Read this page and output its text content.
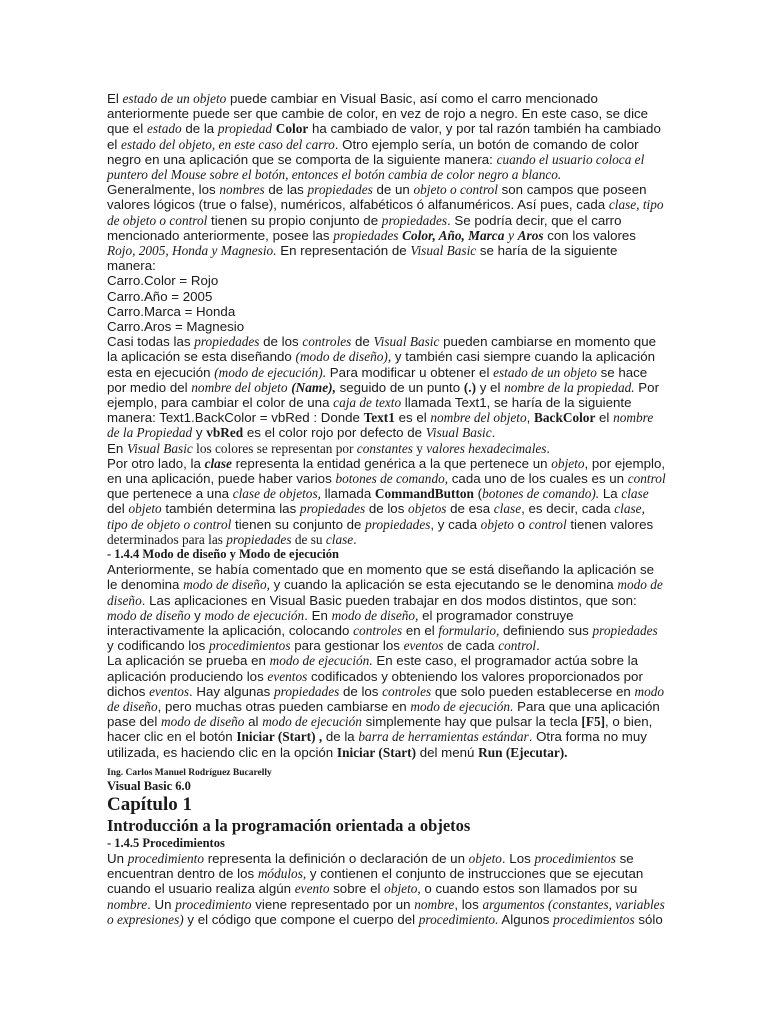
El estado de un objeto puede cambiar en Visual Basic, así como el carro mencionado anteriormente puede ser que cambie de color, en vez de rojo a negro. En este caso, se dice que el estado de la propiedad Color ha cambiado de valor, y por tal razón también ha cambiado el estado del objeto, en este caso del carro. Otro ejemplo sería, un botón de comando de color negro en una aplicación que se comporta de la siguiente manera: cuando el usuario coloca el puntero del Mouse sobre el botón, entonces el botón cambia de color negro a blanco.

Generalmente, los nombres de las propiedades de un objeto o control son campos que poseen valores lógicos (true o false), numéricos, alfabéticos ó alfanuméricos. Así pues, cada clase, tipo de objeto o control tienen su propio conjunto de propiedades. Se podría decir, que el carro mencionado anteriormente, posee las propiedades Color, Año, Marca y Aros con los valores Rojo, 2005, Honda y Magnesio. En representación de Visual Basic se haría de la siguiente manera:

Carro.Color = Rojo

Carro.Año = 2005

Carro.Marca = Honda

Carro.Aros = Magnesio

Casi todas las propiedades de los controles de Visual Basic pueden cambiarse en momento que la aplicación se esta diseñando (modo de diseño), y también casi siempre cuando la aplicación esta en ejecución (modo de ejecución). Para modificar u obtener el estado de un objeto se hace por medio del nombre del objeto (Name), seguido de un punto (.) y el nombre de la propiedad. Por ejemplo, para cambiar el color de una caja de texto llamada Text1, se haría de la siguiente manera: Text1.BackColor = vbRed : Donde Text1 es el nombre del objeto, BackColor el nombre de la Propiedad y vbRed es el color rojo por defecto de Visual Basic.

En Visual Basic los colores se representan por constantes y valores hexadecimales.

Por otro lado, la clase representa la entidad genérica a la que pertenece un objeto, por ejemplo, en una aplicación, puede haber varios botones de comando, cada uno de los cuales es un control que pertenece a una clase de objetos, llamada CommandButton (botones de comando). La clase del objeto también determina las propiedades de los objetos de esa clase, es decir, cada clase, tipo de objeto o control tienen su conjunto de propiedades, y cada objeto o control tienen valores determinados para las propiedades de su clase.

- 1.4.4 Modo de diseño y Modo de ejecución

Anteriormente, se había comentado que en momento que se está diseñando la aplicación se le denomina modo de diseño, y cuando la aplicación se esta ejecutando se le denomina modo de diseño. Las aplicaciones en Visual Basic pueden trabajar en dos modos distintos, que son: modo de diseño y modo de ejecución. En modo de diseño, el programador construye interactivamente la aplicación, colocando controles en el formulario, definiendo sus propiedades y codificando los procedimientos para gestionar los eventos de cada control.

La aplicación se prueba en modo de ejecución. En este caso, el programador actúa sobre la aplicación produciendo los eventos codificados y obteniendo los valores proporcionados por dichos eventos. Hay algunas propiedades de los controles que solo pueden establecerse en modo de diseño, pero muchas otras pueden cambiarse en modo de ejecución. Para que una aplicación pase del modo de diseño al modo de ejecución simplemente hay que pulsar la tecla [F5], o bien, hacer clic en el botón Iniciar (Start) , de la barra de herramientas estándar. Otra forma no muy utilizada, es haciendo clic en la opción Iniciar (Start) del menú Run (Ejecutar).

Ing. Carlos Manuel Rodríguez Bucarelly

Visual Basic 6.0

Capítulo 1

Introducción a la programación orientada a objetos

- 1.4.5 Procedimientos

Un procedimiento representa la definición o declaración de un objeto. Los procedimientos se encuentran dentro de los módulos, y contienen el conjunto de instrucciones que se ejecutan cuando el usuario realiza algún evento sobre el objeto, o cuando estos son llamados por su nombre. Un procedimiento viene representado por un nombre, los argumentos (constantes, variables o expresiones) y el código que compone el cuerpo del procedimiento. Algunos procedimientos sólo
